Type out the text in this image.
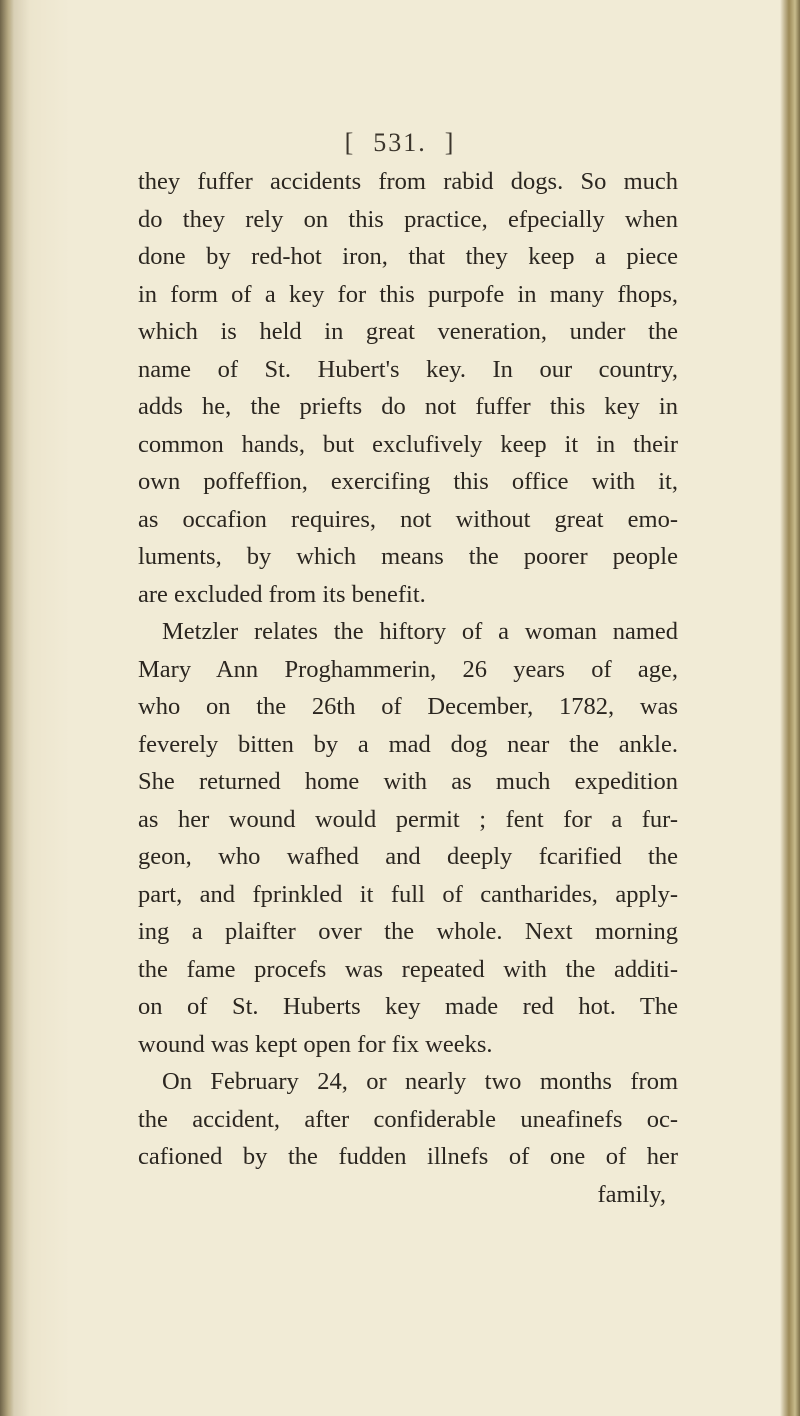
[ 531. ]
they fuffer accidents from rabid dogs. So much
do they rely on this practice, efpecially when
done by red-hot iron, that they keep a piece
in form of a key for this purpofe in many fhops,
which is held in great veneration, under the
name of St. Hubert's key. In our country,
adds he, the priefts do not fuffer this key in
common hands, but exclufively keep it in their
own poffeffion, exercifing this office with it,
as occafion requires, not without great emo-
luments, by which means the poorer people
are excluded from its benefit.
Metzler relates the hiftory of a woman named
Mary Ann Proghammerin, 26 years of age,
who on the 26th of December, 1782, was
feverely bitten by a mad dog near the ankle.
She returned home with as much expedition
as her wound would permit ; fent for a fur-
geon, who wafhed and deeply fcarified the
part, and fprinkled it full of cantharides, apply-
ing a plaifter over the whole. Next morning
the fame procefs was repeated with the additi-
on of St. Huberts key made red hot. The
wound was kept open for fix weeks.
On February 24, or nearly two months from
the accident, after confiderable uneafinefs oc-
cafioned by the fudden illnefs of one of her
family,
